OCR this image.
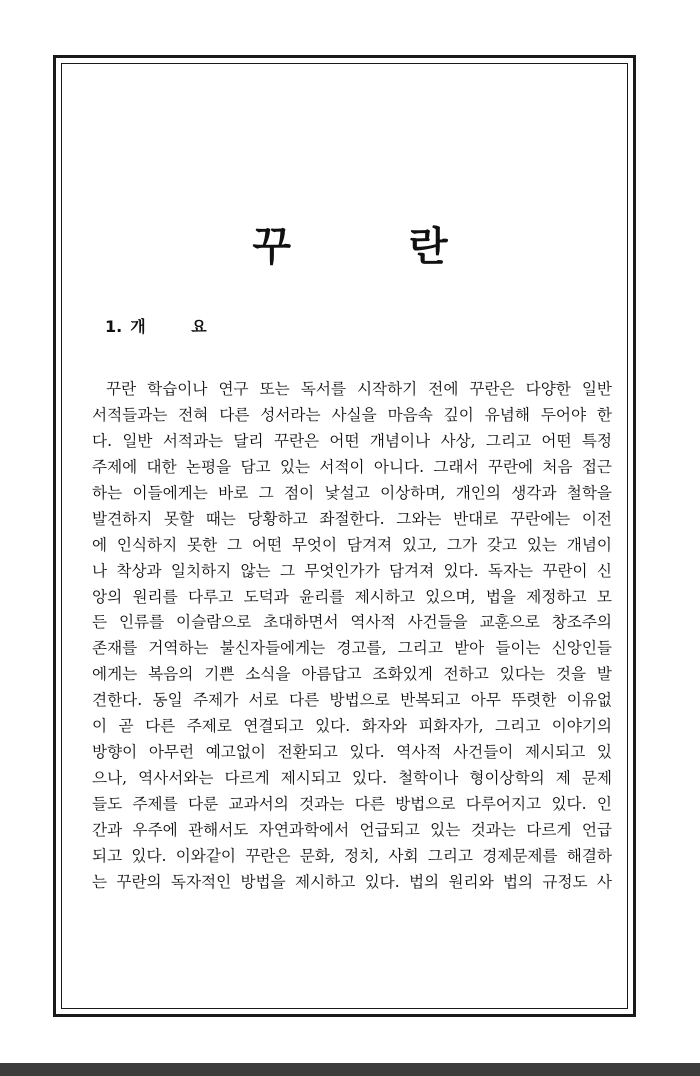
꾸 란
1. 개 요
꾸란 학습이나 연구 또는 독서를 시작하기 전에 꾸란은 다양한 일반
서적들과는 전혀 다른 성서라는 사실을 마음속 깊이 유념해 두어야 한
다. 일반 서적과는 달리 꾸란은 어떤 개념이나 사상, 그리고 어떤 특정
주제에 대한 논평을 담고 있는 서적이 아니다. 그래서 꾸란에 처음 접근
하는 이들에게는 바로 그 점이 낯설고 이상하며, 개인의 생각과 철학을
발견하지 못할 때는 당황하고 좌절한다. 그와는 반대로 꾸란에는 이전
에 인식하지 못한 그 어떤 무엇이 담겨져 있고, 그가 갖고 있는 개념이
나 착상과 일치하지 않는 그 무엇인가가 담겨져 있다. 독자는 꾸란이 신
앙의 원리를 다루고 도덕과 윤리를 제시하고 있으며, 법을 제정하고 모
든 인류를 이슬람으로 초대하면서 역사적 사건들을 교훈으로 창조주의
존재를 거역하는 불신자들에게는 경고를, 그리고 받아 들이는 신앙인들
에게는 복음의 기쁜 소식을 아름답고 조화있게 전하고 있다는 것을 발
견한다. 동일 주제가 서로 다른 방법으로 반복되고 아무 뚜렷한 이유없
이 곧 다른 주제로 연결되고 있다. 화자와 피화자가, 그리고 이야기의
방향이 아무런 예고없이 전환되고 있다. 역사적 사건들이 제시되고 있
으나, 역사서와는 다르게 제시되고 있다. 철학이나 형이상학의 제 문제
들도 주제를 다룬 교과서의 것과는 다른 방법으로 다루어지고 있다. 인
간과 우주에 관해서도 자연과학에서 언급되고 있는 것과는 다르게 언급
되고 있다. 이와같이 꾸란은 문화, 정치, 사회 그리고 경제문제를 해결하
는 꾸란의 독자적인 방법을 제시하고 있다. 법의 원리와 법의 규정도 사
